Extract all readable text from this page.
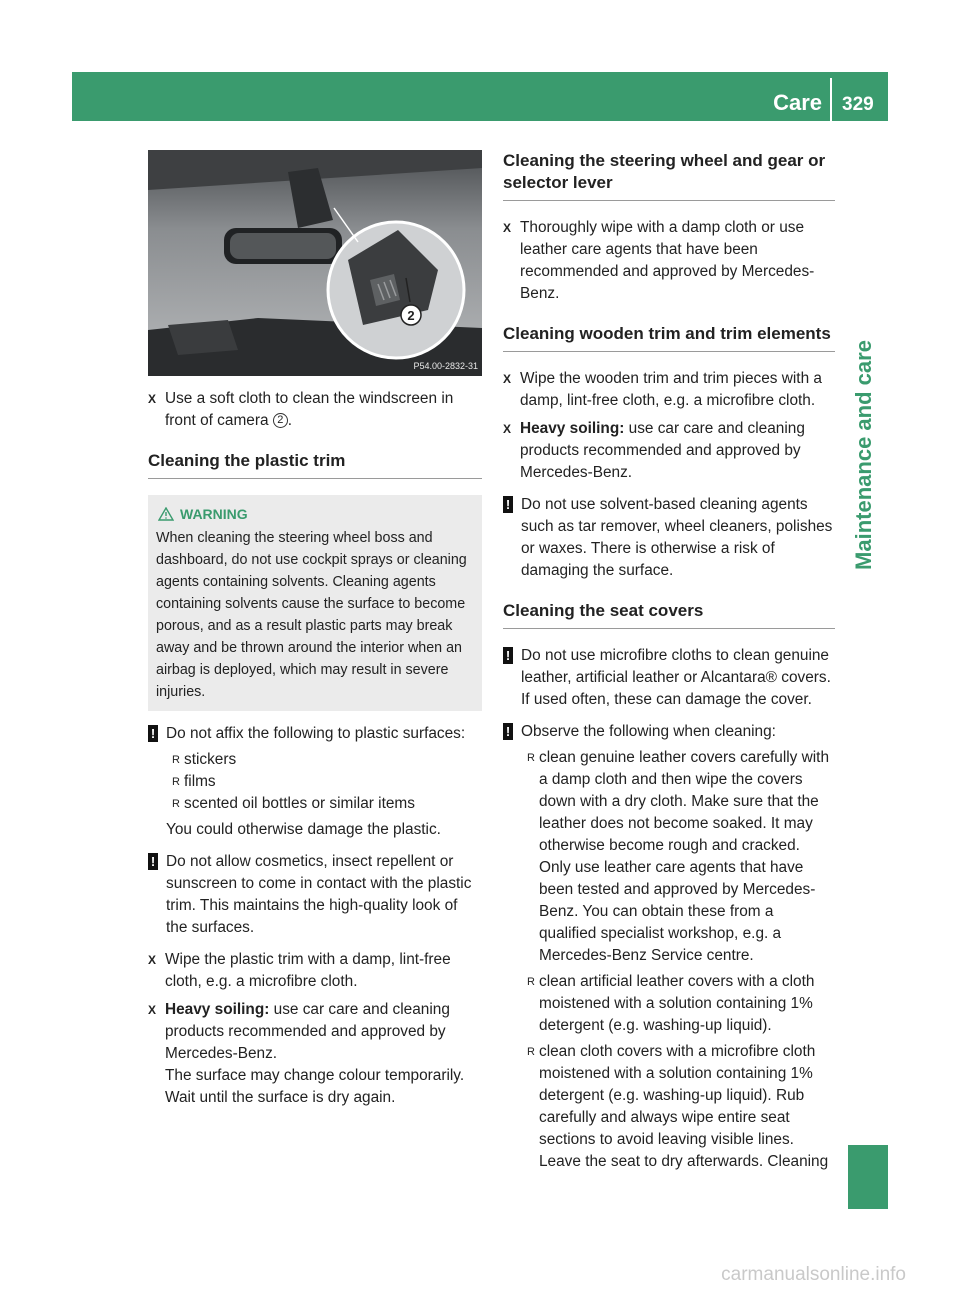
Care 329
Maintenance and care
2
P54.00-2832-31
X Use a soft cloth to clean the windscreen in front of camera 2 .
Cleaning the plastic trim
WARNING
When cleaning the steering wheel boss and dashboard, do not use cockpit sprays or cleaning agents containing solvents. Cleaning agents containing solvents cause the surface to become porous, and as a result plastic parts may break away and be thrown around the interior when an airbag is deployed, which may result in severe injuries.
! Do not affix the following to plastic surfaces:
R stickers
R films
R scented oil bottles or similar items
You could otherwise damage the plastic.
! Do not allow cosmetics, insect repellent or sunscreen to come in contact with the plastic trim. This maintains the high-quality look of the surfaces.
X Wipe the plastic trim with a damp, lint-free cloth, e.g. a microfibre cloth.
X Heavy soiling: use car care and cleaning products recommended and approved by Mercedes-Benz.
The surface may change colour temporarily. Wait until the surface is dry again.
Cleaning the steering wheel and gear or selector lever
X Thoroughly wipe with a damp cloth or use leather care agents that have been recommended and approved by Mercedes-Benz.
Cleaning wooden trim and trim elements
X Wipe the wooden trim and trim pieces with a damp, lint-free cloth, e.g. a microfibre cloth.
X Heavy soiling: use car care and cleaning products recommended and approved by Mercedes-Benz.
! Do not use solvent-based cleaning agents such as tar remover, wheel cleaners, polishes or waxes. There is otherwise a risk of damaging the surface.
Cleaning the seat covers
! Do not use microfibre cloths to clean genuine leather, artificial leather or Alcantara® covers. If used often, these can damage the cover.
! Observe the following when cleaning:
R clean genuine leather covers carefully with a damp cloth and then wipe the covers down with a dry cloth. Make sure that the leather does not become soaked. It may otherwise become rough and cracked. Only use leather care agents that have been tested and approved by Mercedes-Benz. You can obtain these from a qualified specialist workshop, e.g. a Mercedes-Benz Service centre.
R clean artificial leather covers with a cloth moistened with a solution containing 1% detergent (e.g. washing-up liquid).
R clean cloth covers with a microfibre cloth moistened with a solution containing 1% detergent (e.g. washing-up liquid). Rub carefully and always wipe entire seat sections to avoid leaving visible lines. Leave the seat to dry afterwards. Cleaning
carmanualsonline.info
